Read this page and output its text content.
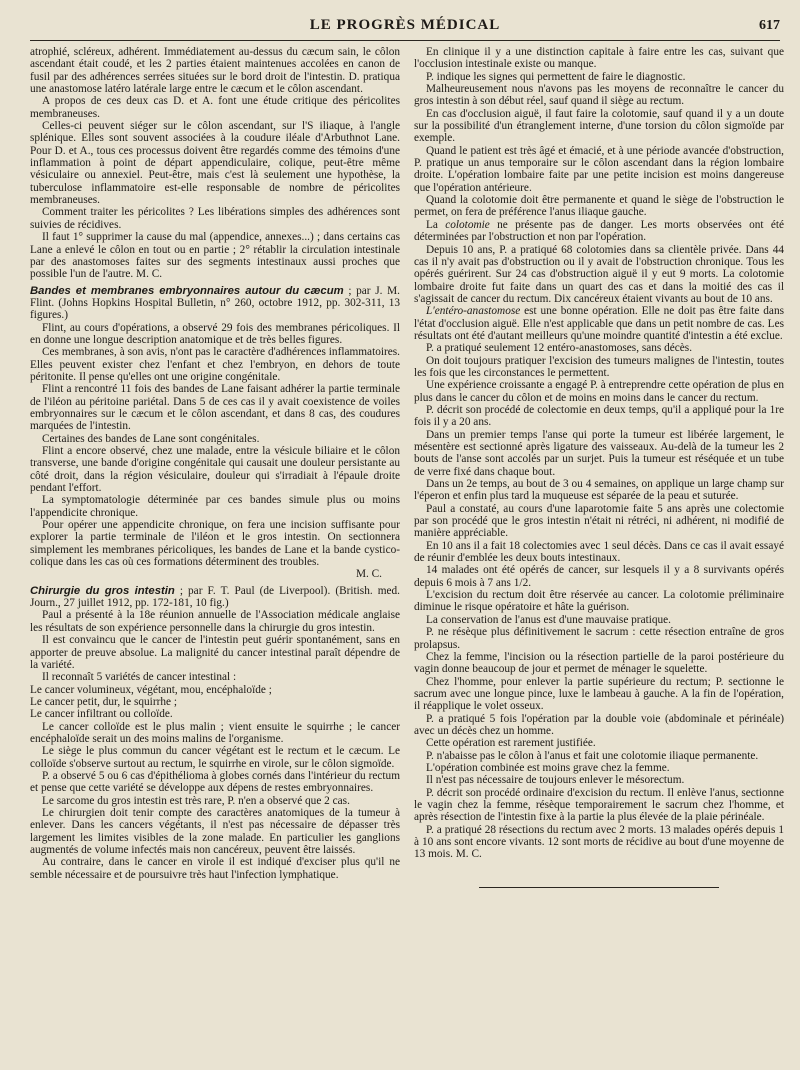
LE PROGRÈS MÉDICAL	617

atrophié, scléreux, adhérent. Immédiatement au-dessus du cæcum sain, le côlon ascendant était coudé, et les 2 parties étaient maintenues accolées en canon de fusil par des adhérences serrées situées sur le bord droit de l'intestin. D. pratiqua une anastomose latéro latérale large entre le cæcum et le côlon ascendant.

A propos de ces deux cas D. et A. font une étude critique des péricolites membraneuses.

Celles-ci peuvent siéger sur le côlon ascendant, sur l'S iliaque, à l'angle splénique. Elles sont souvent associées à la coudure iléale d'Arbuthnot Lane. Pour D. et A., tous ces processus doivent être regardés comme des témoins d'une inflammation à point de départ appendiculaire, colique, peut-être même vésiculaire ou annexiel. Peut-être, mais c'est là seulement une hypothèse, la tuberculose inflammatoire est-elle responsable de nombre de péricolites membraneuses.

Comment traiter les péricolites ? Les libérations simples des adhérences sont suivies de récidives.

Il faut 1° supprimer la cause du mal (appendice, annexes...) ; dans certains cas Lane a enlevé le côlon en tout ou en partie ; 2° rétablir la circulation intestinale par des anastomoses faites sur des segments intestinaux aussi proches que possible l'un de l'autre. M. C.

Bandes et membranes embryonnaires autour du cæcum ; par J. M. Flint. (Johns Hopkins Hospital Bulletin, n° 260, octobre 1912, pp. 302-311, 13 figures.)

Flint, au cours d'opérations, a observé 29 fois des membranes péricoliques. Il en donne une longue description anatomique et de très belles figures.

Ces membranes, à son avis, n'ont pas le caractère d'adhérences inflammatoires. Elles peuvent exister chez l'enfant et chez l'embryon, en dehors de toute péritonite. Il pense qu'elles ont une origine congénitale.

Flint a rencontré 11 fois des bandes de Lane faisant adhérer la partie terminale de l'iléon au péritoine pariétal. Dans 5 de ces cas il y avait coexistence de voiles embryonnaires sur le cæcum et le côlon ascendant, et dans 8 cas, des coudures marquées de l'intestin.

Certaines des bandes de Lane sont congénitales.

Flint a encore observé, chez une malade, entre la vésicule biliaire et le côlon transverse, une bande d'origine congénitale qui causait une douleur persistante au côté droit, dans la région vésiculaire, douleur qui s'irradiait à l'épaule droite pendant l'effort.

La symptomatologie déterminée par ces bandes simule plus ou moins l'appendicite chronique.

Pour opérer une appendicite chronique, on fera une incision suffisante pour explorer la partie terminale de l'iléon et le gros intestin. On sectionnera simplement les membranes péricoliques, les bandes de Lane et la bande cystico-colique dans les cas où ces formations déterminent des troubles.

M. C.

Chirurgie du gros intestin ; par F. T. Paul (de Liverpool). (British. med. Journ., 27 juillet 1912, pp. 172-181, 10 fig.)

Paul a présenté à la 18e réunion annuelle de l'Association médicale anglaise les résultats de son expérience personnelle dans la chirurgie du gros intestin.

Il est convaincu que le cancer de l'intestin peut guérir spontanément, sans en apporter de preuve absolue. La malignité du cancer intestinal paraît dépendre de la variété.

Il reconnaît 5 variétés de cancer intestinal :

Le cancer volumineux, végétant, mou, encéphaloïde ;

Le cancer petit, dur, le squirrhe ;

Le cancer infiltrant ou colloïde.

Le cancer colloïde est le plus malin ; vient ensuite le squirrhe ; le cancer encéphaloïde serait un des moins malins de l'organisme.

Le siège le plus commun du cancer végétant est le rectum et le cæcum. Le colloïde s'observe surtout au rectum, le squirrhe en virole, sur le côlon sigmoïde.

P. a observé 5 ou 6 cas d'épithélioma à globes cornés dans l'intérieur du rectum et pense que cette variété se développe aux dépens de restes embryonnaires.

Le sarcome du gros intestin est très rare, P. n'en a observé que 2 cas.

Le chirurgien doit tenir compte des caractères anatomiques de la tumeur à enlever. Dans les cancers végétants, il n'est pas nécessaire de dépasser très largement les limites visibles de la zone malade. En particulier les ganglions augmentés de volume infectés mais non cancéreux, peuvent être laissés.

Au contraire, dans le cancer en virole il est indiqué d'exciser plus qu'il ne semble nécessaire et de poursuivre très haut l'infection lymphatique.

En clinique il y a une distinction capitale à faire entre les cas, suivant que l'occlusion intestinale existe ou manque.

P. indique les signes qui permettent de faire le diagnostic.

Malheureusement nous n'avons pas les moyens de reconnaître le cancer du gros intestin à son début réel, sauf quand il siège au rectum.

En cas d'occlusion aiguë, il faut faire la colotomie, sauf quand il y a un doute sur la possibilité d'un étranglement interne, d'une torsion du côlon sigmoïde par exemple.

Quand le patient est très âgé et émacié, et à une période avancée d'obstruction, P. pratique un anus temporaire sur le côlon ascendant dans la région lombaire droite. L'opération lombaire faite par une petite incision est moins dangereuse que l'opération antérieure.

Quand la colotomie doit être permanente et quand le siège de l'obstruction le permet, on fera de préférence l'anus iliaque gauche.

La colotomie ne présente pas de danger. Les morts observées ont été déterminées par l'obstruction et non par l'opération.

Depuis 10 ans, P. a pratiqué 68 colotomies dans sa clientèle privée. Dans 44 cas il n'y avait pas d'obstruction ou il y avait de l'obstruction chronique. Tous les opérés guérirent. Sur 24 cas d'obstruction aiguë il y eut 9 morts. La colotomie lombaire droite fut faite dans un quart des cas et dans la moitié des cas il s'agissait de cancer du rectum. Dix cancéreux étaient vivants au bout de 10 ans.

L'entéro-anastomose est une bonne opération. Elle ne doit pas être faite dans l'état d'occlusion aiguë. Elle n'est applicable que dans un petit nombre de cas. Les résultats ont été d'autant meilleurs qu'une moindre quantité d'intestin a été exclue.

P. a pratiqué seulement 12 entéro-anastomoses, sans décès.

On doit toujours pratiquer l'excision des tumeurs malignes de l'intestin, toutes les fois que les circonstances le permettent.

Une expérience croissante a engagé P. à entreprendre cette opération de plus en plus dans le cancer du côlon et de moins en moins dans le cancer du rectum.

P. décrit son procédé de colectomie en deux temps, qu'il a appliqué pour la 1re fois il y a 20 ans.

Dans un premier temps l'anse qui porte la tumeur est libérée largement, le mésentère est sectionné après ligature des vaisseaux. Au-delà de la tumeur les 2 bouts de l'anse sont accolés par un surjet. Puis la tumeur est réséquée et un tube de verre fixé dans chaque bout.

Dans un 2e temps, au bout de 3 ou 4 semaines, on applique un large champ sur l'éperon et enfin plus tard la muqueuse est séparée de la peau et suturée.

Paul a constaté, au cours d'une laparotomie faite 5 ans après une colectomie par son procédé que le gros intestin n'était ni rétréci, ni adhérent, ni modifié de manière appréciable.

En 10 ans il a fait 18 colectomies avec 1 seul décès. Dans ce cas il avait essayé de réunir d'emblée les deux bouts intestinaux.

14 malades ont été opérés de cancer, sur lesquels il y a 8 survivants opérés depuis 6 mois à 7 ans 1/2.

L'excision du rectum doit être réservée au cancer. La colotomie préliminaire diminue le risque opératoire et hâte la guérison.

La conservation de l'anus est d'une mauvaise pratique.

P. ne résèque plus définitivement le sacrum : cette résection entraîne de gros prolapsus.

Chez la femme, l'incision ou la résection partielle de la paroi postérieure du vagin donne beaucoup de jour et permet de ménager le squelette.

Chez l'homme, pour enlever la partie supérieure du rectum; P. sectionne le sacrum avec une longue pince, luxe le lambeau à gauche. A la fin de l'opération, il réapplique le volet osseux.

P. a pratiqué 5 fois l'opération par la double voie (abdominale et périnéale) avec un décès chez un homme.

Cette opération est rarement justifiée.

P. n'abaisse pas le côlon à l'anus et fait une colotomie iliaque permanente.

L'opération combinée est moins grave chez la femme.

Il n'est pas nécessaire de toujours enlever le mésorectum.

P. décrit son procédé ordinaire d'excision du rectum. Il enlève l'anus, sectionne le vagin chez la femme, résèque temporairement le sacrum chez l'homme, et après résection de l'intestin fixe à la partie la plus élevée de la plaie périnéale.

P. a pratiqué 28 résections du rectum avec 2 morts. 13 malades opérés depuis 1 à 10 ans sont encore vivants. 12 sont morts de récidive au bout d'une moyenne de 13 mois. M. C.
